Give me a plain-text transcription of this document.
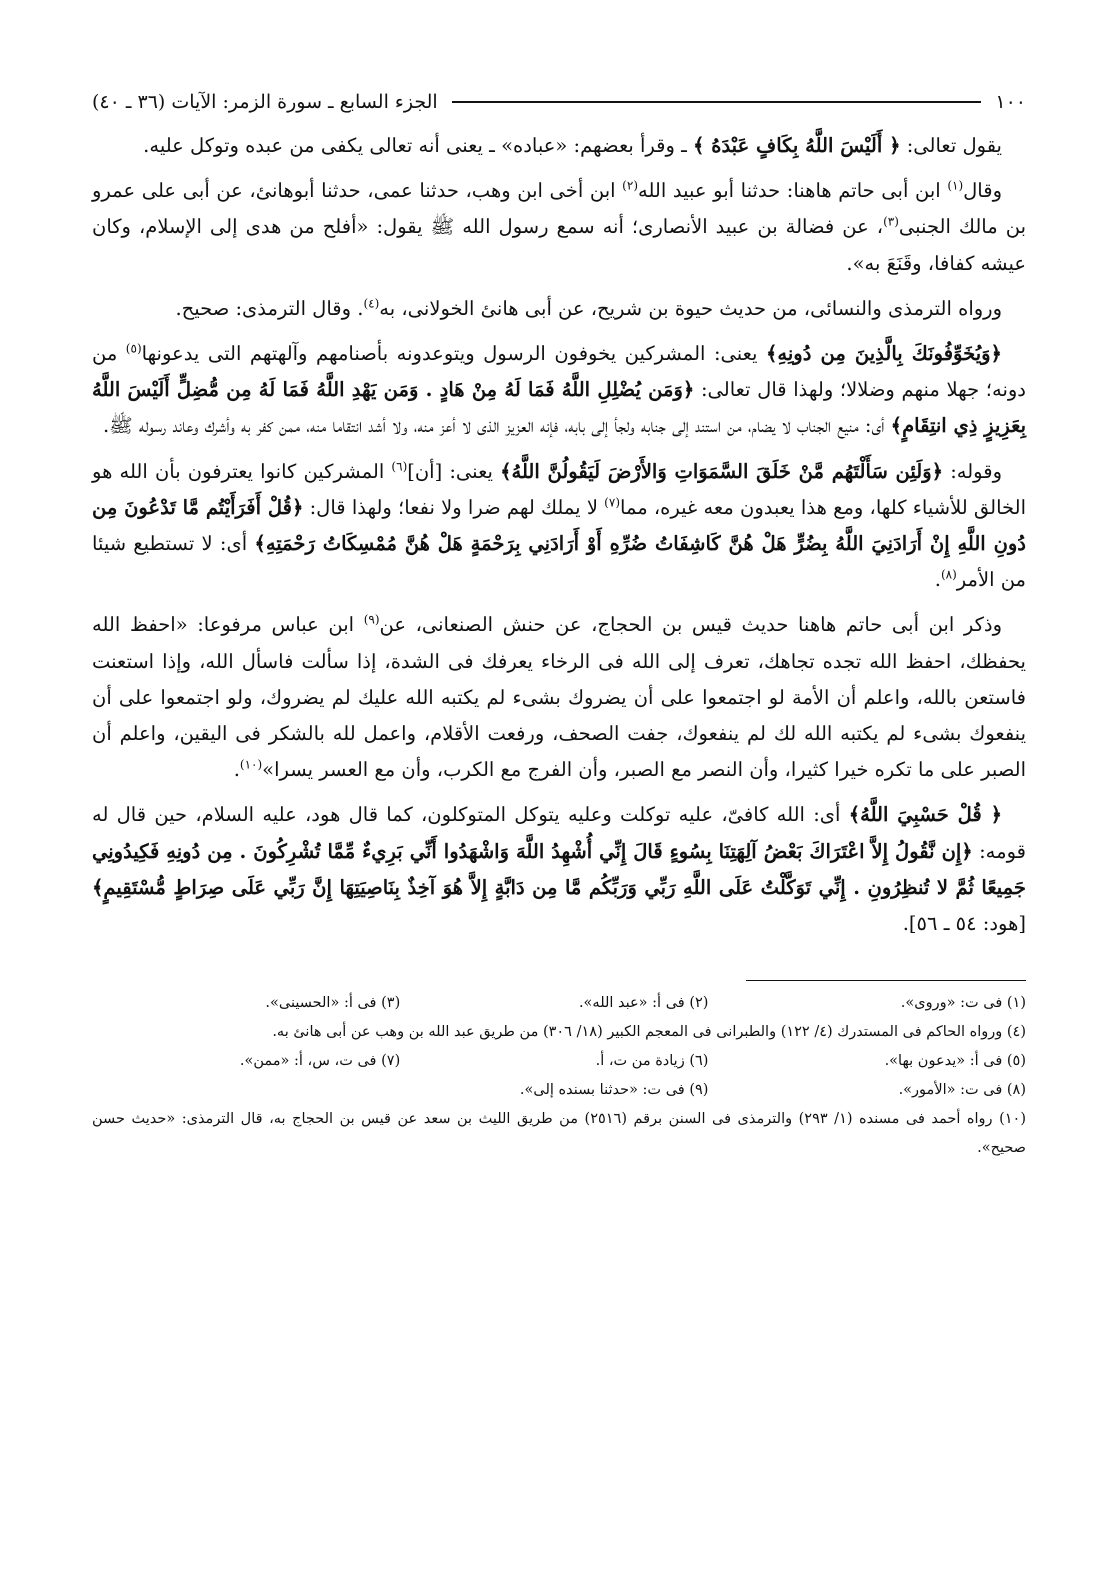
١٠٠
الجزء السابع ـ سورة الزمر: الآيات (٣٦ ـ ٤٠)

يقول تعالى: ﴿ أَلَيْسَ اللَّهُ بِكَافٍ عَبْدَهُ ﴾ ـ وقرأ بعضهم: «عباده» ـ يعنى أنه تعالى يكفى من عبده وتوكل عليه.

وقال$^{(١)}$ ابن أبى حاتم هاهنا: حدثنا أبو عبيد الله$^{(٢)}$ ابن أخى ابن وهب، حدثنا عمى، حدثنا أبوهانئ، عن أبى على عمرو بن مالك الجنبى$^{(٣)}$، عن فضالة بن عبيد الأنصارى؛ أنه سمع رسول الله ﷺ يقول: «أفلح من هدى إلى الإسلام، وكان عيشه كفافا، وقَنَعَ به».

ورواه الترمذى والنسائى، من حديث حيوة بن شريح، عن أبى هانئ الخولانى، به$^{(٤)}$. وقال الترمذى: صحيح.

﴿وَيُخَوِّفُونَكَ بِالَّذِينَ مِن دُونِهِ﴾ يعنى: المشركين يخوفون الرسول ويتوعدونه بأصنامهم وآلهتهم التى يدعونها$^{(٥)}$ من دونه؛ جهلا منهم وضلالا؛ ولهذا قال تعالى: ﴿وَمَن يُضْلِلِ اللَّهُ فَمَا لَهُ مِنْ هَادٍ . وَمَن يَهْدِ اللَّهُ فَمَا لَهُ مِن مُّضِلٍّ أَلَيْسَ اللَّهُ بِعَزِيزٍ ذِي انتِقَامٍ﴾ أى: منيع الجناب لا يضام، من استند إلى جنابه ولجأ إلى بابه، فإنه العزيز الذى لا أعز منه، ولا أشد انتقاما منه، ممن كفر به وأشرك وعاند رسوله ﷺ.

وقوله: ﴿وَلَئِن سَأَلْتَهُم مَّنْ خَلَقَ السَّمَوَاتِ وَالأَرْضَ لَيَقُولُنَّ اللَّهُ﴾ يعنى: [أن]$^{(٦)}$ المشركين كانوا يعترفون بأن الله هو الخالق للأشياء كلها، ومع هذا يعبدون معه غيره، مما$^{(٧)}$ لا يملك لهم ضرا ولا نفعا؛ ولهذا قال: ﴿قُلْ أَفَرَأَيْتُم مَّا تَدْعُونَ مِن دُونِ اللَّهِ إِنْ أَرَادَنِيَ اللَّهُ بِضُرٍّ هَلْ هُنَّ كَاشِفَاتُ ضُرِّهِ أَوْ أَرَادَنِي بِرَحْمَةٍ هَلْ هُنَّ مُمْسِكَاتُ رَحْمَتِهِ﴾ أى: لا تستطيع شيئا من الأمر$^{(٨)}$.

وذكر ابن أبى حاتم هاهنا حديث قيس بن الحجاج، عن حنش الصنعانى، عن$^{(٩)}$ ابن عباس مرفوعا: «احفظ الله يحفظك، احفظ الله تجده تجاهك، تعرف إلى الله فى الرخاء يعرفك فى الشدة، إذا سألت فاسأل الله، وإذا استعنت فاستعن بالله، واعلم أن الأمة لو اجتمعوا على أن يضروك بشىء لم يكتبه الله عليك لم يضروك، ولو اجتمعوا على أن ينفعوك بشىء لم يكتبه الله لك لم ينفعوك، جفت الصحف، ورفعت الأقلام، واعمل لله بالشكر فى اليقين، واعلم أن الصبر على ما تكره خيرا كثيرا، وأن النصر مع الصبر، وأن الفرج مع الكرب، وأن مع العسر يسرا»$^{(١٠)}$.

﴿ قُلْ حَسْبِيَ اللَّهُ﴾ أى: الله كافىّ، عليه توكلت وعليه يتوكل المتوكلون، كما قال هود، عليه السلام، حين قال له قومه: ﴿إِن نَّقُولُ إِلاَّ اعْتَرَاكَ بَعْضُ آلِهَتِنَا بِسُوءٍ قَالَ إِنِّي أُشْهِدُ اللَّهَ وَاشْهَدُوا أَنِّي بَرِيءٌ مِّمَّا تُشْرِكُونَ . مِن دُونِهِ فَكِيدُونِي جَمِيعًا ثُمَّ لا تُنظِرُونِ . إِنِّي تَوَكَّلْتُ عَلَى اللَّهِ رَبِّي وَرَبِّكُم مَّا مِن دَابَّةٍ إِلاَّ هُوَ آخِذٌ بِنَاصِيَتِهَا إِنَّ رَبِّي عَلَى صِرَاطٍ مُّسْتَقِيمٍ﴾ [هود: ٥٤ ـ ٥٦].

(١) فى ت: «وروى».
(٢) فى أ: «عبد الله».
(٣) فى أ: «الحسينى».
(٤) ورواه الحاكم فى المستدرك (٤/ ١٢٢) والطبرانى فى المعجم الكبير (١٨/ ٣٠٦) من طريق عبد الله بن وهب عن أبى هانئ به.
(٥) فى أ: «يدعون بها».
(٦) زيادة من ت، أ.
(٧) فى ت، س، أ: «ممن».
(٨) فى ت: «الأمور».
(٩) فى ت: «حدثنا بسنده إلى».
(١٠) رواه أحمد فى مسنده (١/ ٢٩٣) والترمذى فى السنن برقم (٢٥١٦) من طريق الليث بن سعد عن قيس بن الحجاج به، قال الترمذى: «حديث حسن صحيح».
